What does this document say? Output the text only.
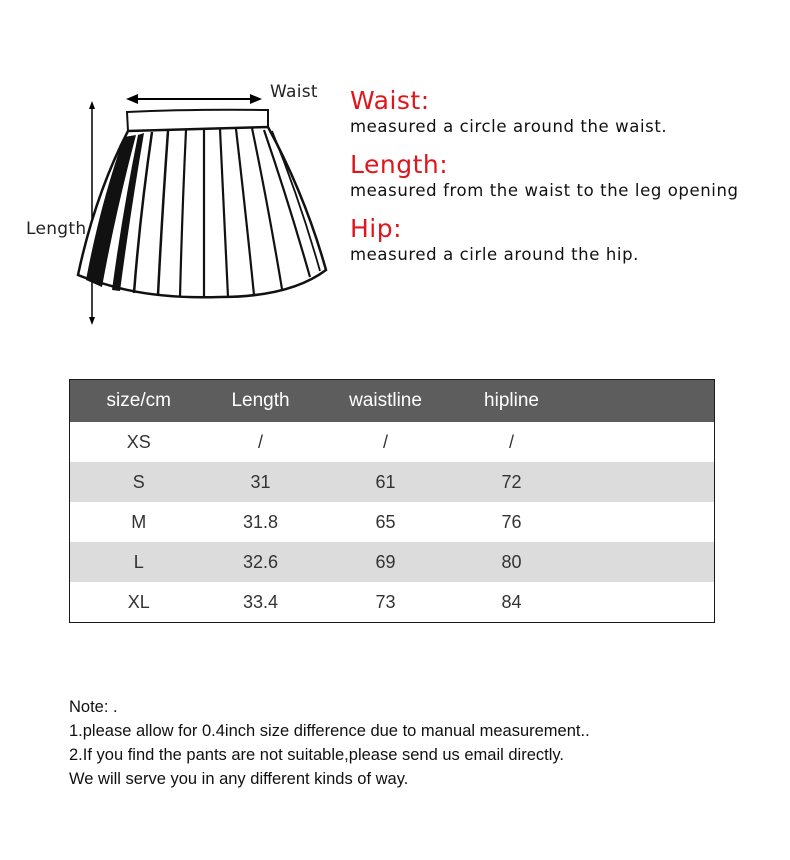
Waist
Length
Waist:
measured a circle around the waist.
Length:
measured from the waist to the leg opening
Hip:
measured a cirle around the hip.
size/cm	Length	waistline	hipline	
XS	/	/	/	
S	31	61	72	
M	31.8	65	76	
L	32.6	69	80	
XL	33.4	73	84	

Note: .

1.please allow for 0.4inch size difference due to manual measurement..

2.If you find the pants are not suitable,please send us email directly.

We will serve you in any different kinds of way.
